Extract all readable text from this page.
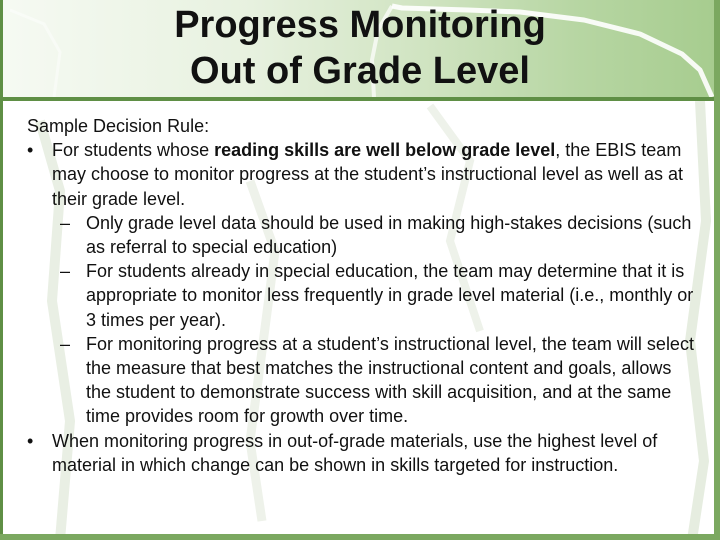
Progress Monitoring
Out of Grade Level

Sample Decision Rule:

• For students whose reading skills are well below grade level, the EBIS team may choose to monitor progress at the student’s instructional level as well as at their grade level.
– Only grade level data should be used in making high-stakes decisions (such as referral to special education)
– For students already in special education, the team may determine that it is appropriate to monitor less frequently in grade level material (i.e., monthly or 3 times per year).
– For monitoring progress at a student’s instructional level, the team will select the measure that best matches the instructional content and goals, allows the student to demonstrate success with skill acquisition, and at the same time provides room for growth over time.
• When monitoring progress in out-of-grade materials, use the highest level of material in which change can be shown in skills targeted for instruction.
